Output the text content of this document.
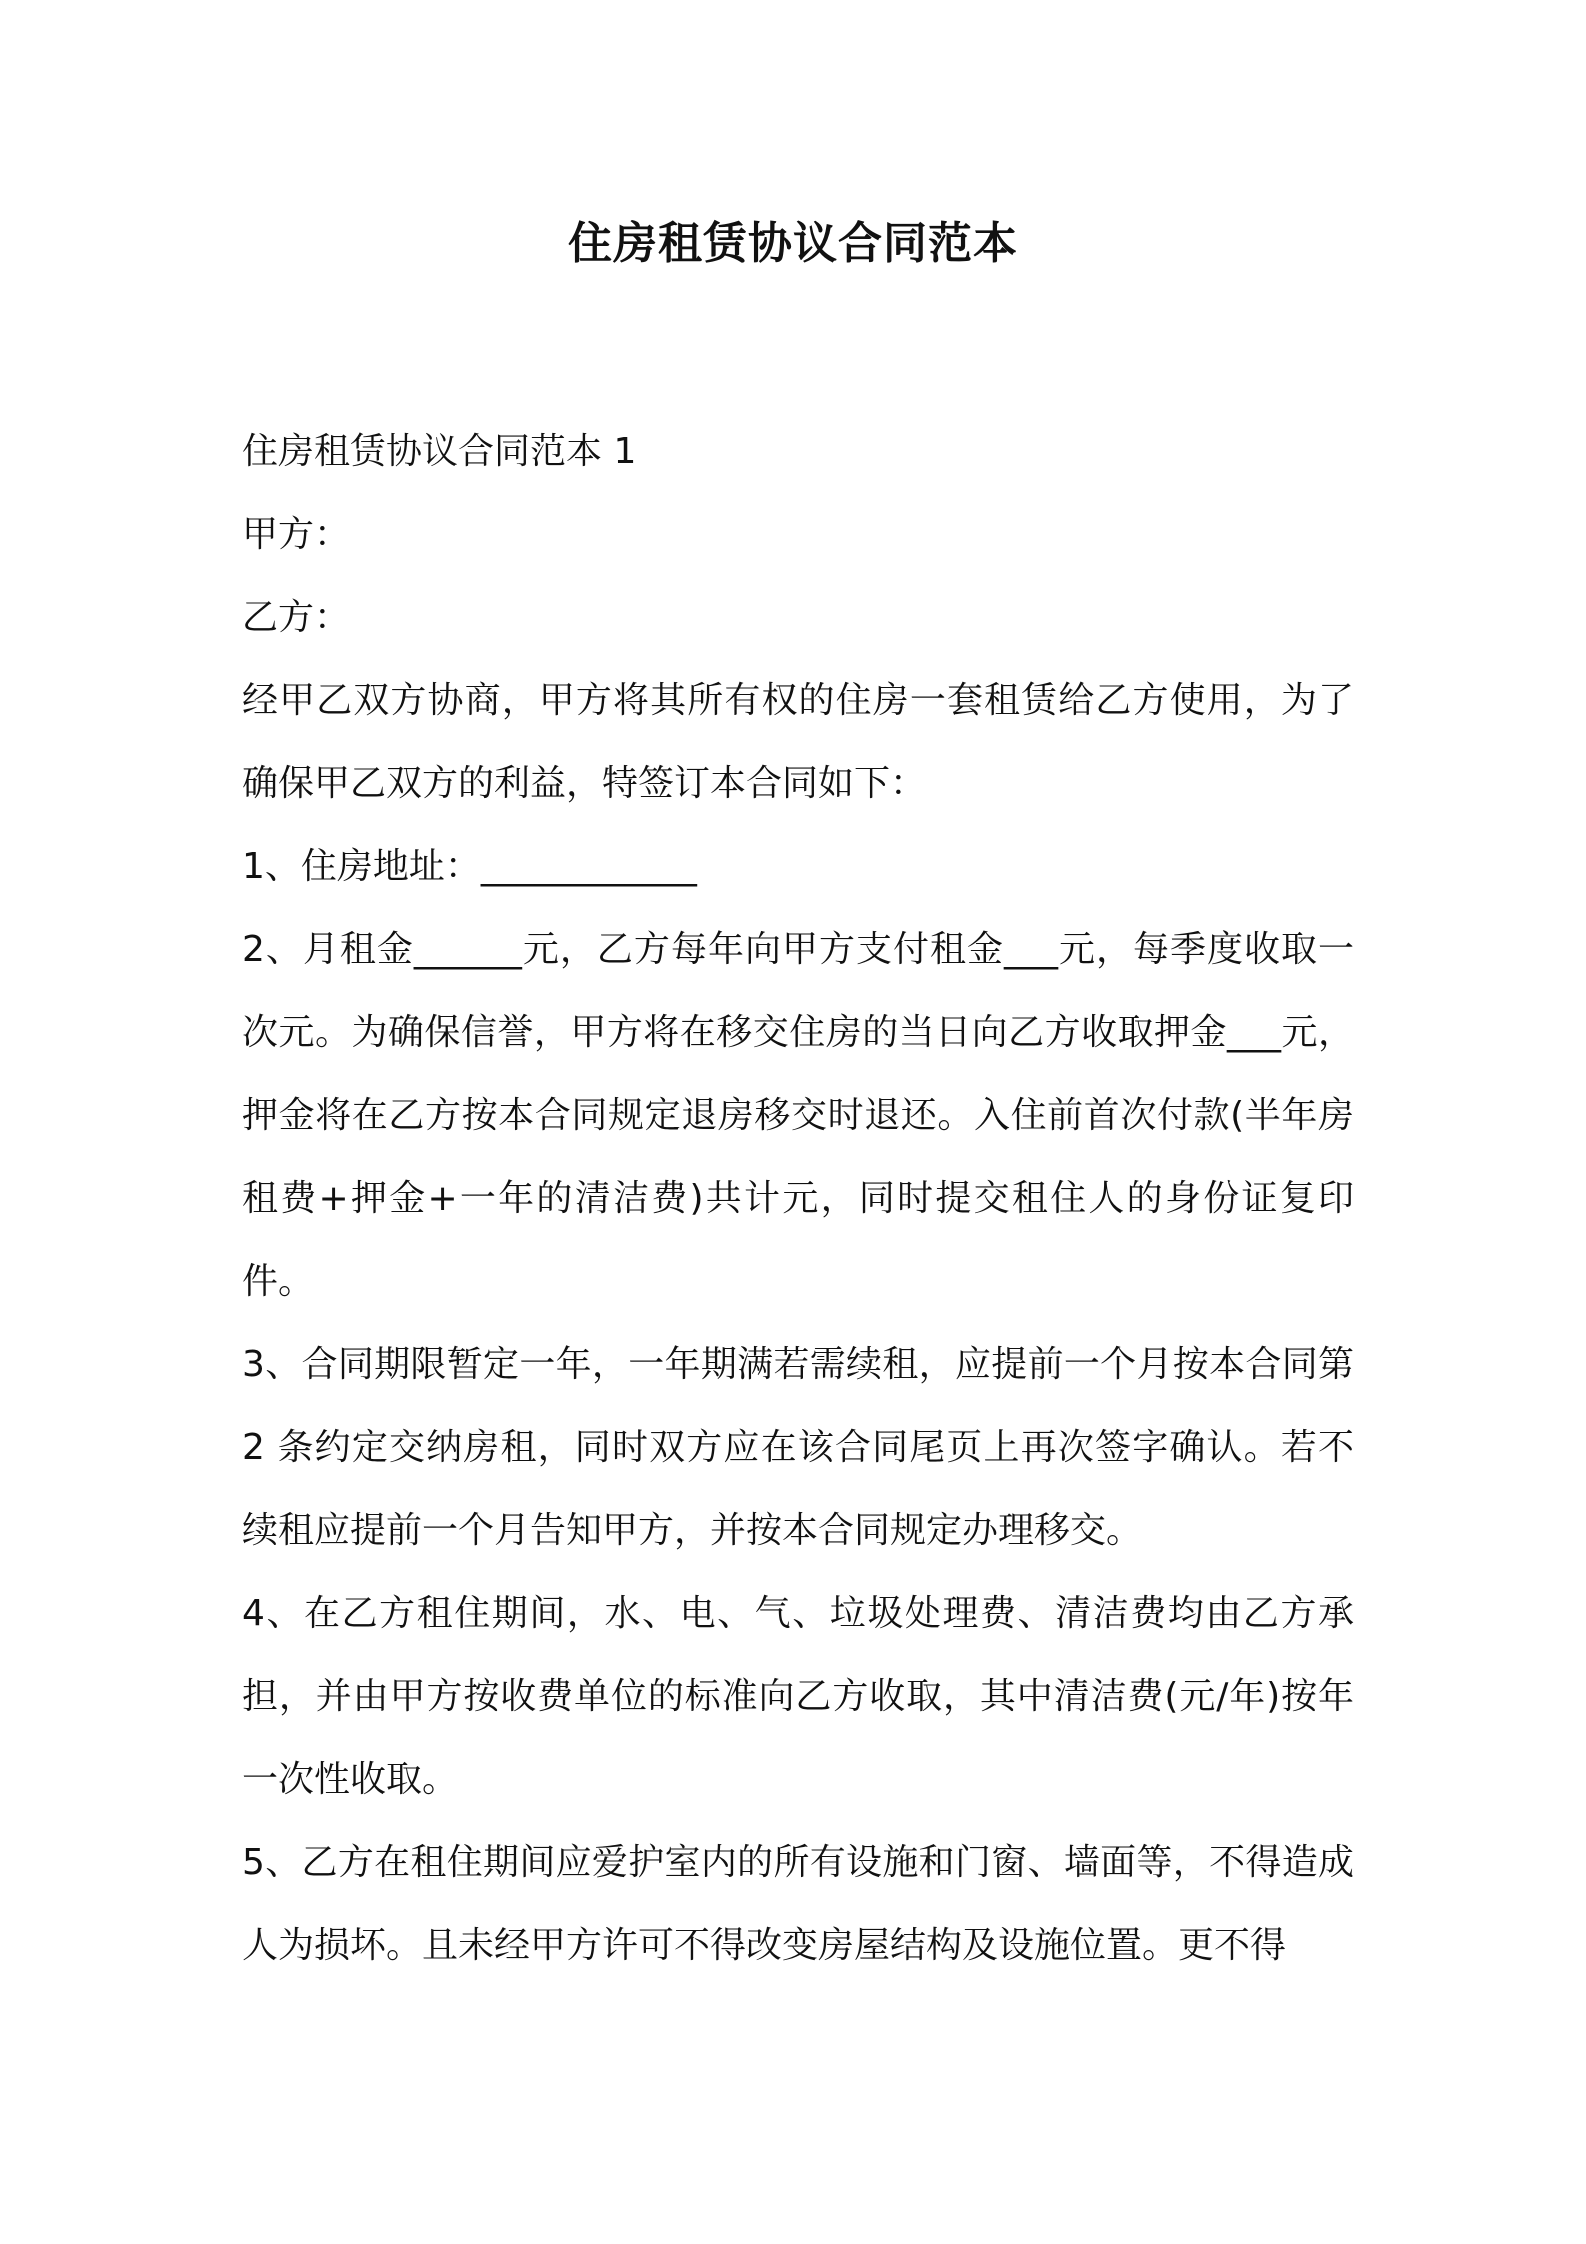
住房租赁协议合同范本

住房租赁协议合同范本 1

甲方：

乙方：

经甲乙双方协商，甲方将其所有权的住房一套租赁给乙方使用，为了确保甲乙双方的利益，特签订本合同如下：

1、住房地址：____________

2、月租金______元，乙方每年向甲方支付租金___元，每季度收取一次元。为确保信誉，甲方将在移交住房的当日向乙方收取押金___元，押金将在乙方按本合同规定退房移交时退还。入住前首次付款(半年房租费+押金+一年的清洁费)共计元，同时提交租住人的身份证复印件。

3、合同期限暂定一年，一年期满若需续租，应提前一个月按本合同第 2 条约定交纳房租，同时双方应在该合同尾页上再次签字确认。若不续租应提前一个月告知甲方，并按本合同规定办理移交。

4、在乙方租住期间，水、电、气、垃圾处理费、清洁费均由乙方承担，并由甲方按收费单位的标准向乙方收取，其中清洁费(元/年)按年一次性收取。

5、乙方在租住期间应爱护室内的所有设施和门窗、墙面等，不得造成人为损坏。且未经甲方许可不得改变房屋结构及设施位置。更不得
